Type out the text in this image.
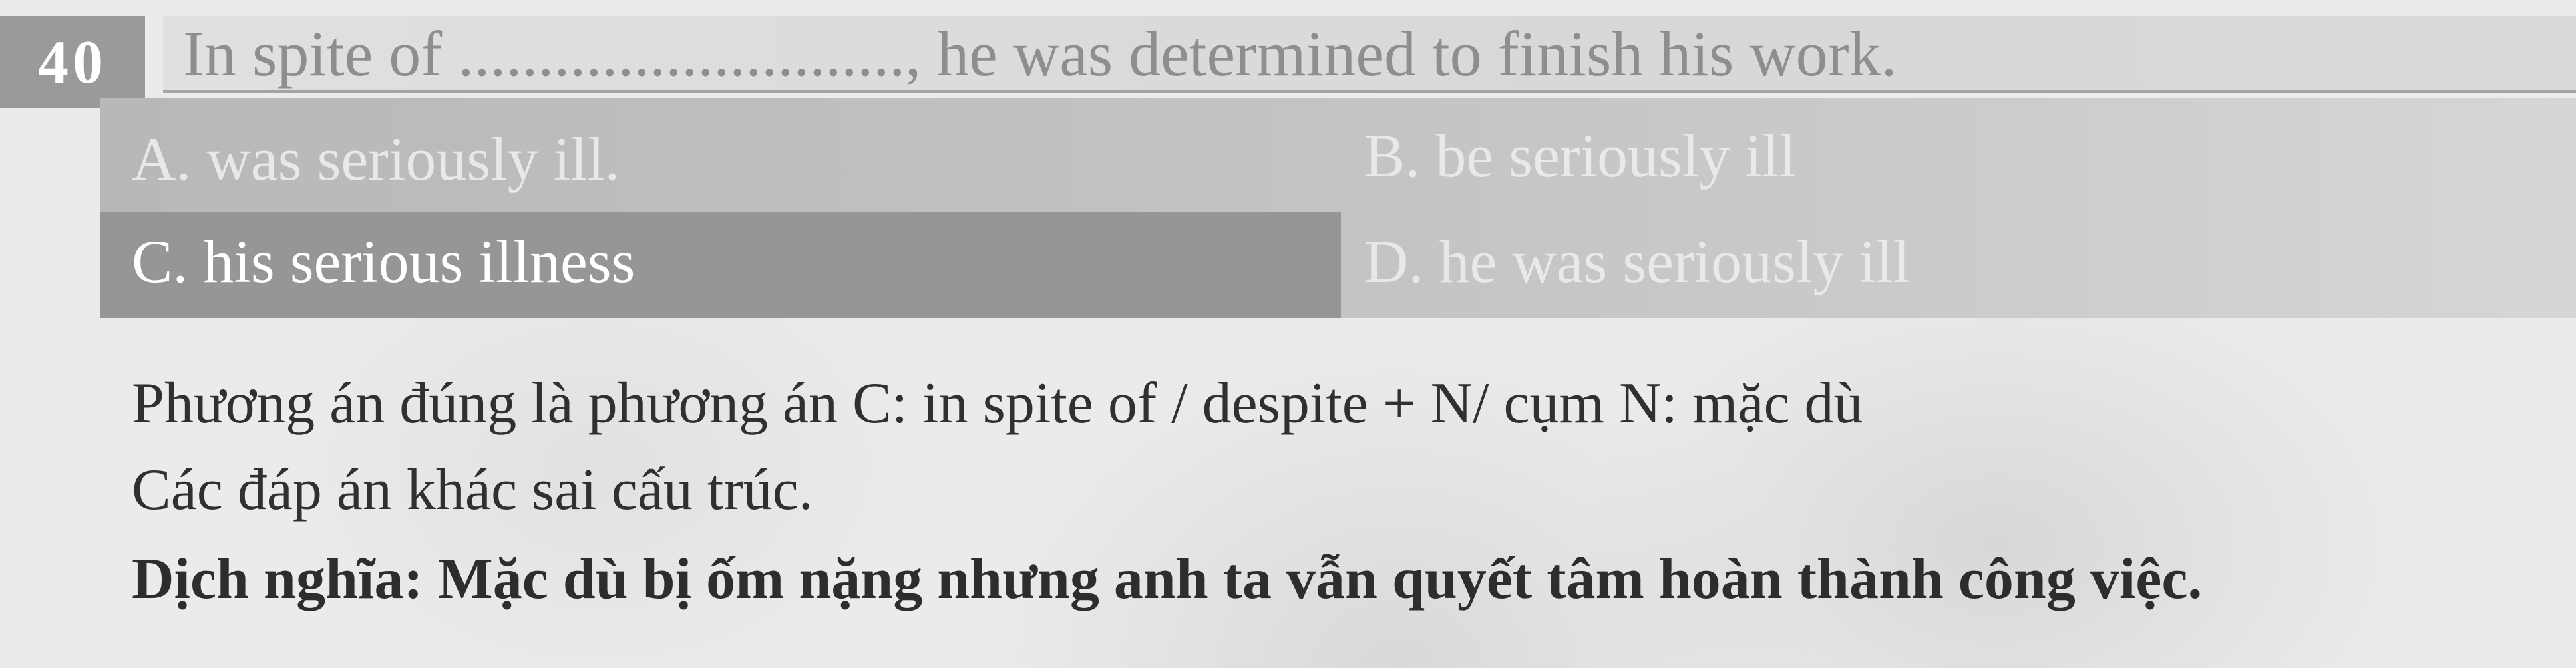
40	In spite of ............................, he was determined to finish his work.
A. was seriously ill.	B. be seriously ill
C. his serious illness	D. he was seriously ill
Phương án đúng là phương án C: in spite of / despite + N/ cụm N: mặc dù
Các đáp án khác sai cấu trúc.
Dịch nghĩa: Mặc dù bị ốm nặng nhưng anh ta vẫn quyết tâm hoàn thành công việc.
